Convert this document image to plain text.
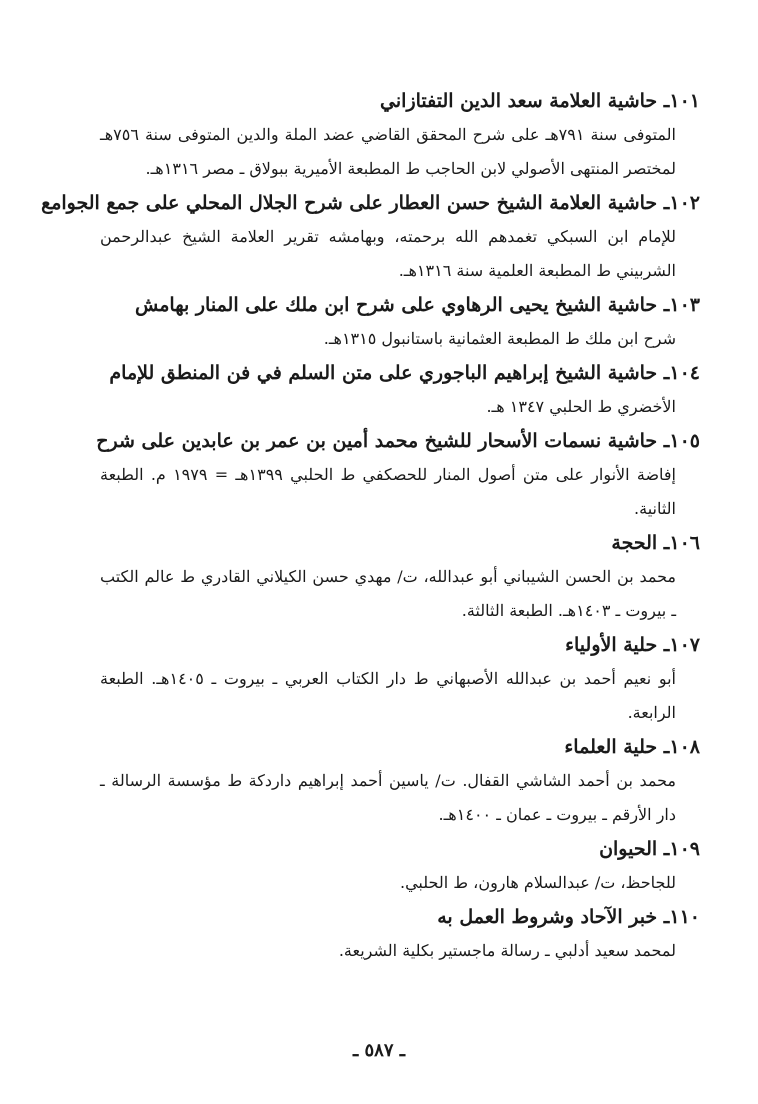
١٠١‏ـ حاشية العلامة سعد الدين التفتازاني

المتوفى سنة ٧٩١هـ على شرح المحقق القاضي عضد الملة والدين المتوفى سنة ٧٥٦هـ لمختصر المنتهى الأصولي لابن الحاجب ط المطبعة الأميرية ببولاق ـ مصر ١٣١٦هـ.

١٠٢‏ـ حاشية العلامة الشيخ حسن العطار على شرح الجلال المحلي على جمع الجوامع

للإمام ابن السبكي تغمدهم الله برحمته، وبهامشه تقرير العلامة الشيخ عبدالرحمن الشربيني ط المطبعة العلمية سنة ١٣١٦هـ.

١٠٣‏ـ حاشية الشيخ يحيى الرهاوي على شرح ابن ملك على المنار بهامش

شرح ابن ملك ط المطبعة العثمانية باستانبول ١٣١٥هـ.

١٠٤‏ـ حاشية الشيخ إبراهيم الباجوري على متن السلم في فن المنطق للإمام

الأخضري ط الحلبي ١٣٤٧ هـ.

١٠٥‏ـ حاشية نسمات الأسحار للشيخ محمد أمين بن عمر بن عابدين على شرح

إفاضة الأنوار على متن أصول المنار للحصكفي ط الحلبي ١٣٩٩هـ = ١٩٧٩ م. الطبعة الثانية.

١٠٦‏ـ الحجة

محمد بن الحسن الشيباني أبو عبدالله، ت/ مهدي حسن الكيلاني القادري ط عالم الكتب ـ بيروت ـ ١٤٠٣هـ. الطبعة الثالثة.

١٠٧‏ـ حلية الأولياء

أبو نعيم أحمد بن عبدالله الأصبهاني ط دار الكتاب العربي ـ بيروت ـ ١٤٠٥هـ. الطبعة الرابعة.

١٠٨‏ـ حلية العلماء

محمد بن أحمد الشاشي القفال. ت/ ياسين أحمد إبراهيم داردكة ط مؤسسة الرسالة ـ دار الأرقم ـ بيروت ـ عمان ـ ١٤٠٠هـ.

١٠٩‏ـ الحيوان

للجاحظ، ت/ عبدالسلام هارون، ط الحلبي.

١١٠‏ـ خبر الآحاد وشروط العمل به

لمحمد سعيد أدلبي ـ رسالة ماجستير بكلية الشريعة.

ـ ٥٨٧ ـ
